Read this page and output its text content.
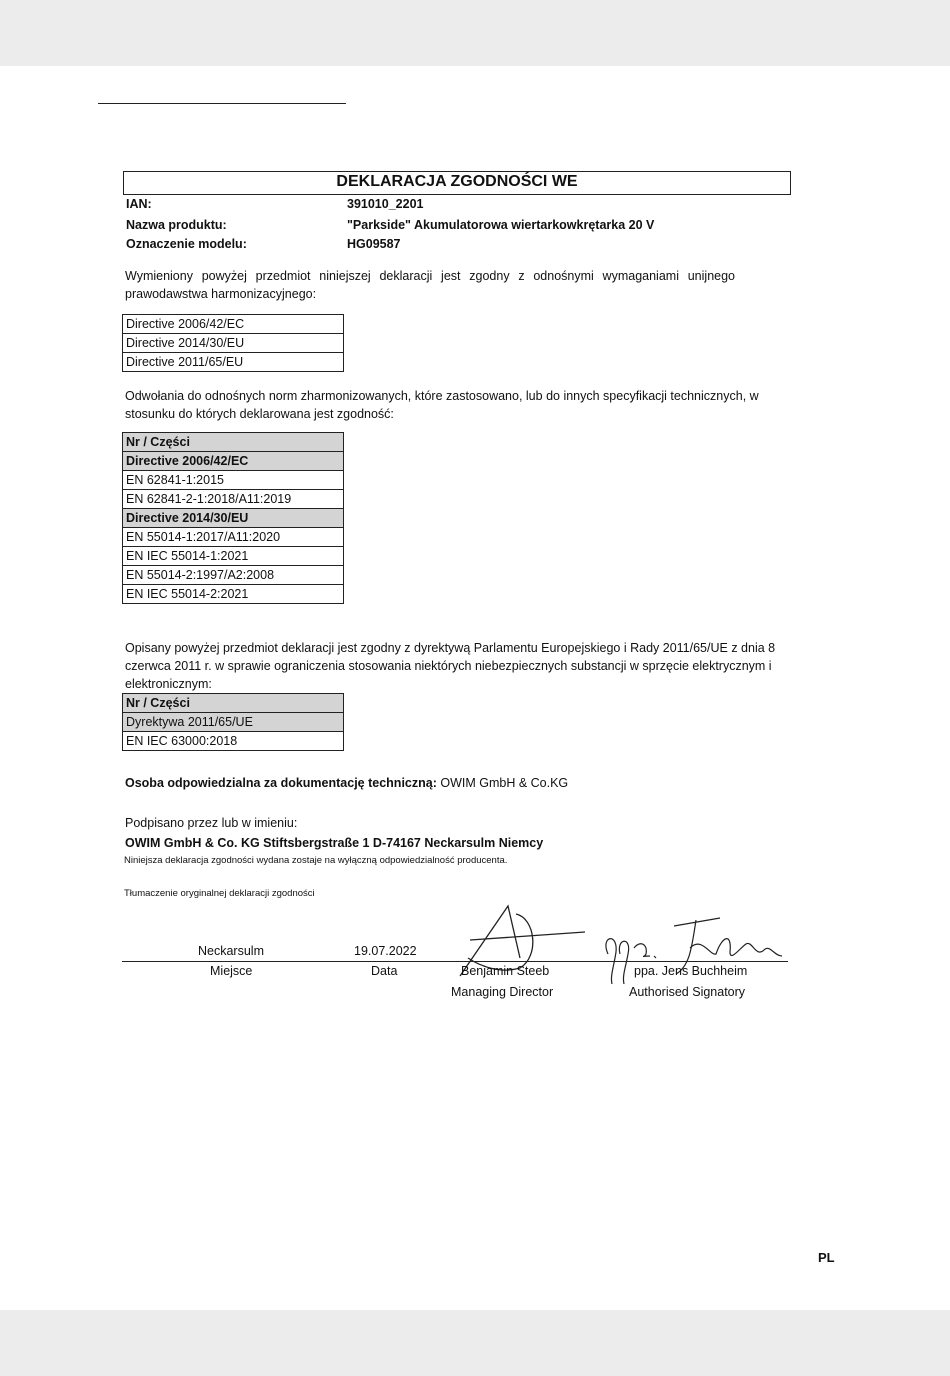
DEKLARACJA ZGODNOŚCI WE
IAN:	391010_2201
Nazwa produktu:	"Parkside" Akumulatorowa wiertarkowkrętarka 20 V
Oznaczenie modelu:	HG09587
Wymieniony powyżej przedmiot niniejszej deklaracji jest zgodny z odnośnymi wymaganiami unijnego prawodawstwa harmonizacyjnego:
Directive 2006/42/EC
Directive 2014/30/EU
Directive 2011/65/EU
Odwołania do odnośnych norm zharmonizowanych, które zastosowano, lub do innych specyfikacji technicznych, w stosunku do których deklarowana jest zgodność:
Nr / Części
Directive 2006/42/EC
EN 62841-1:2015
EN 62841-2-1:2018/A11:2019
Directive 2014/30/EU
EN 55014-1:2017/A11:2020
EN IEC 55014-1:2021
EN 55014-2:1997/A2:2008
EN IEC 55014-2:2021
Opisany powyżej przedmiot deklaracji jest zgodny z dyrektywą Parlamentu Europejskiego i Rady 2011/65/UE z dnia 8 czerwca 2011 r. w sprawie ograniczenia stosowania niektórych niebezpiecznych substancji w sprzęcie elektrycznym i elektronicznym:
Nr / Części
Dyrektywa 2011/65/UE
EN IEC 63000:2018
Osoba odpowiedzialna za dokumentację techniczną: OWIM GmbH & Co.KG
Podpisano przez lub w imieniu:
OWIM GmbH & Co. KG Stiftsbergstraße 1 D-74167 Neckarsulm Niemcy
Niniejsza deklaracja zgodności wydana zostaje na wyłączną odpowiedzialność producenta.
Tłumaczenie oryginalnej deklaracji zgodności
Neckarsulm	19.07.2022
Miejsce	Data	Benjamin Steeb
Managing Director
ppa. Jens Buchheim
Authorised Signatory
PL
